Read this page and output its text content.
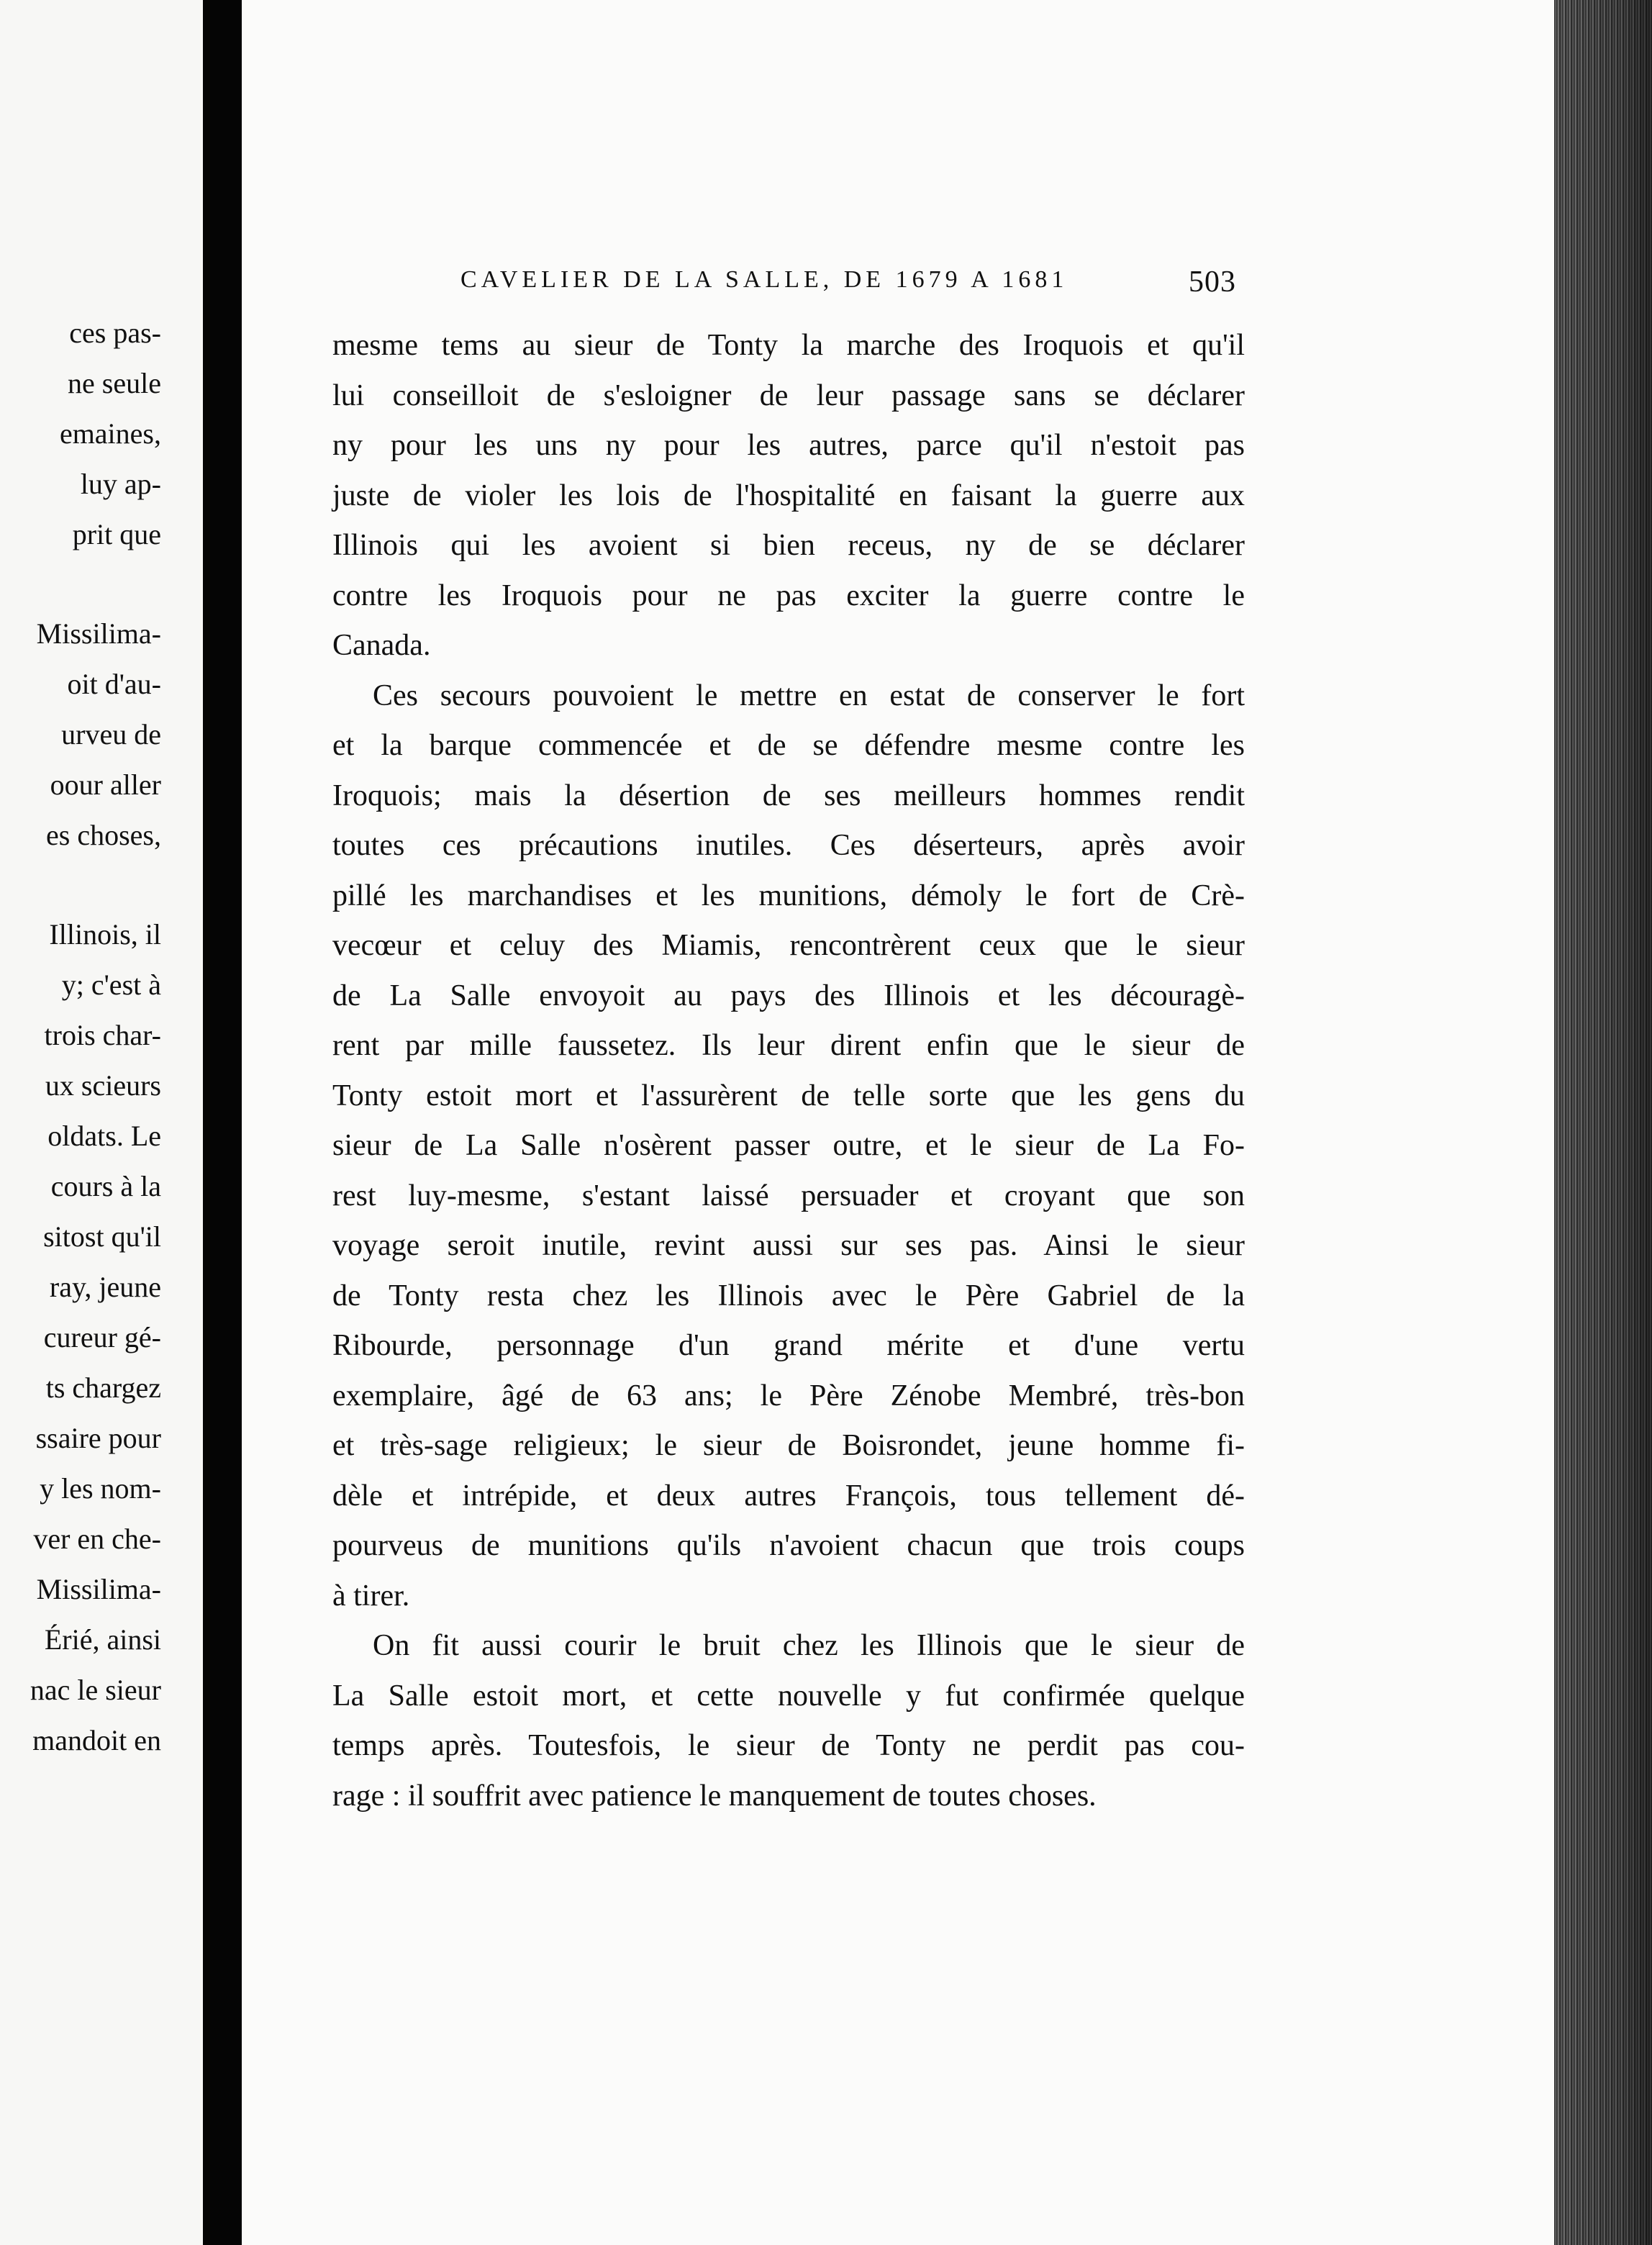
ces pas-
ne seule
emaines,
luy ap-
prit que

Missilima-
oit d'au-
urveu de
oour aller
es choses,

Illinois, il
y; c'est à
trois char-
ux scieurs
oldats. Le
cours à la
sitost qu'il
ray, jeune
cureur gé-
ts chargez
ssaire pour
y les nom-
ver en che-
Missilima-
Érié, ainsi
nac le sieur
mandoit en
CAVELIER DE LA SALLE, DE 1679 A 1681	503

mesme tems au sieur de Tonty la marche des Iroquois et qu'il
lui conseilloit de s'esloigner de leur passage sans se déclarer
ny pour les uns ny pour les autres, parce qu'il n'estoit pas
juste de violer les lois de l'hospitalité en faisant la guerre aux
Illinois qui les avoient si bien receus, ny de se déclarer
contre les Iroquois pour ne pas exciter la guerre contre le
Canada.

Ces secours pouvoient le mettre en estat de conserver le fort
et la barque commencée et de se défendre mesme contre les
Iroquois; mais la désertion de ses meilleurs hommes rendit
toutes ces précautions inutiles. Ces déserteurs, après avoir
pillé les marchandises et les munitions, démoly le fort de Crè-
vecœur et celuy des Miamis, rencontrèrent ceux que le sieur
de La Salle envoyoit au pays des Illinois et les découragè-
rent par mille faussetez. Ils leur dirent enfin que le sieur de
Tonty estoit mort et l'assurèrent de telle sorte que les gens du
sieur de La Salle n'osèrent passer outre, et le sieur de La Fo-
rest luy-mesme, s'estant laissé persuader et croyant que son
voyage seroit inutile, revint aussi sur ses pas. Ainsi le sieur
de Tonty resta chez les Illinois avec le Père Gabriel de la
Ribourde, personnage d'un grand mérite et d'une vertu
exemplaire, âgé de 63 ans; le Père Zénobe Membré, très-bon
et très-sage religieux; le sieur de Boisrondet, jeune homme fi-
dèle et intrépide, et deux autres François, tous tellement dé-
pourveus de munitions qu'ils n'avoient chacun que trois coups
à tirer.

On fit aussi courir le bruit chez les Illinois que le sieur de
La Salle estoit mort, et cette nouvelle y fut confirmée quelque
temps après. Toutesfois, le sieur de Tonty ne perdit pas cou-
rage : il souffrit avec patience le manquement de toutes choses.
